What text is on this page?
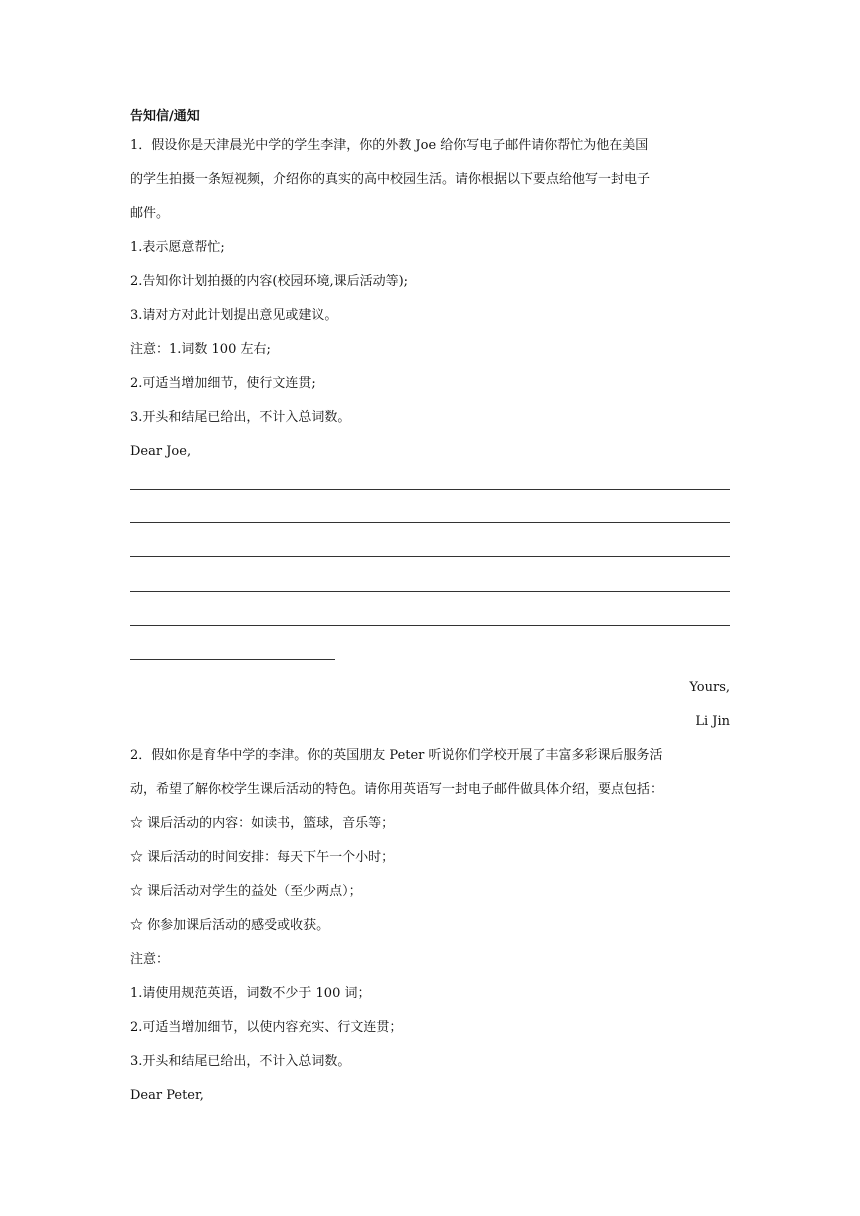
告知信/通知
1．假设你是天津晨光中学的学生李津，你的外教 Joe 给你写电子邮件请你帮忙为他在美国
的学生拍摄一条短视频，介绍你的真实的高中校园生活。请你根据以下要点给他写一封电子
邮件。
1.表示愿意帮忙;
2.告知你计划拍摄的内容(校园环境,课后活动等);
3.请对方对此计划提出意见或建议。
注意：1.词数 100 左右;
2.可适当增加细节，使行文连贯;
3.开头和结尾已给出，不计入总词数。
Dear Joe,
Yours,
Li Jin
2．假如你是育华中学的李津。你的英国朋友 Peter 听说你们学校开展了丰富多彩课后服务活
动，希望了解你校学生课后活动的特色。请你用英语写一封电子邮件做具体介绍，要点包括：
☆ 课后活动的内容：如读书，篮球，音乐等；
☆ 课后活动的时间安排：每天下午一个小时；
☆ 课后活动对学生的益处（至少两点）；
☆ 你参加课后活动的感受或收获。
注意：
1.请使用规范英语，词数不少于 100 词；
2.可适当增加细节，以使内容充实、行文连贯；
3.开头和结尾已给出，不计入总词数。
Dear Peter,
